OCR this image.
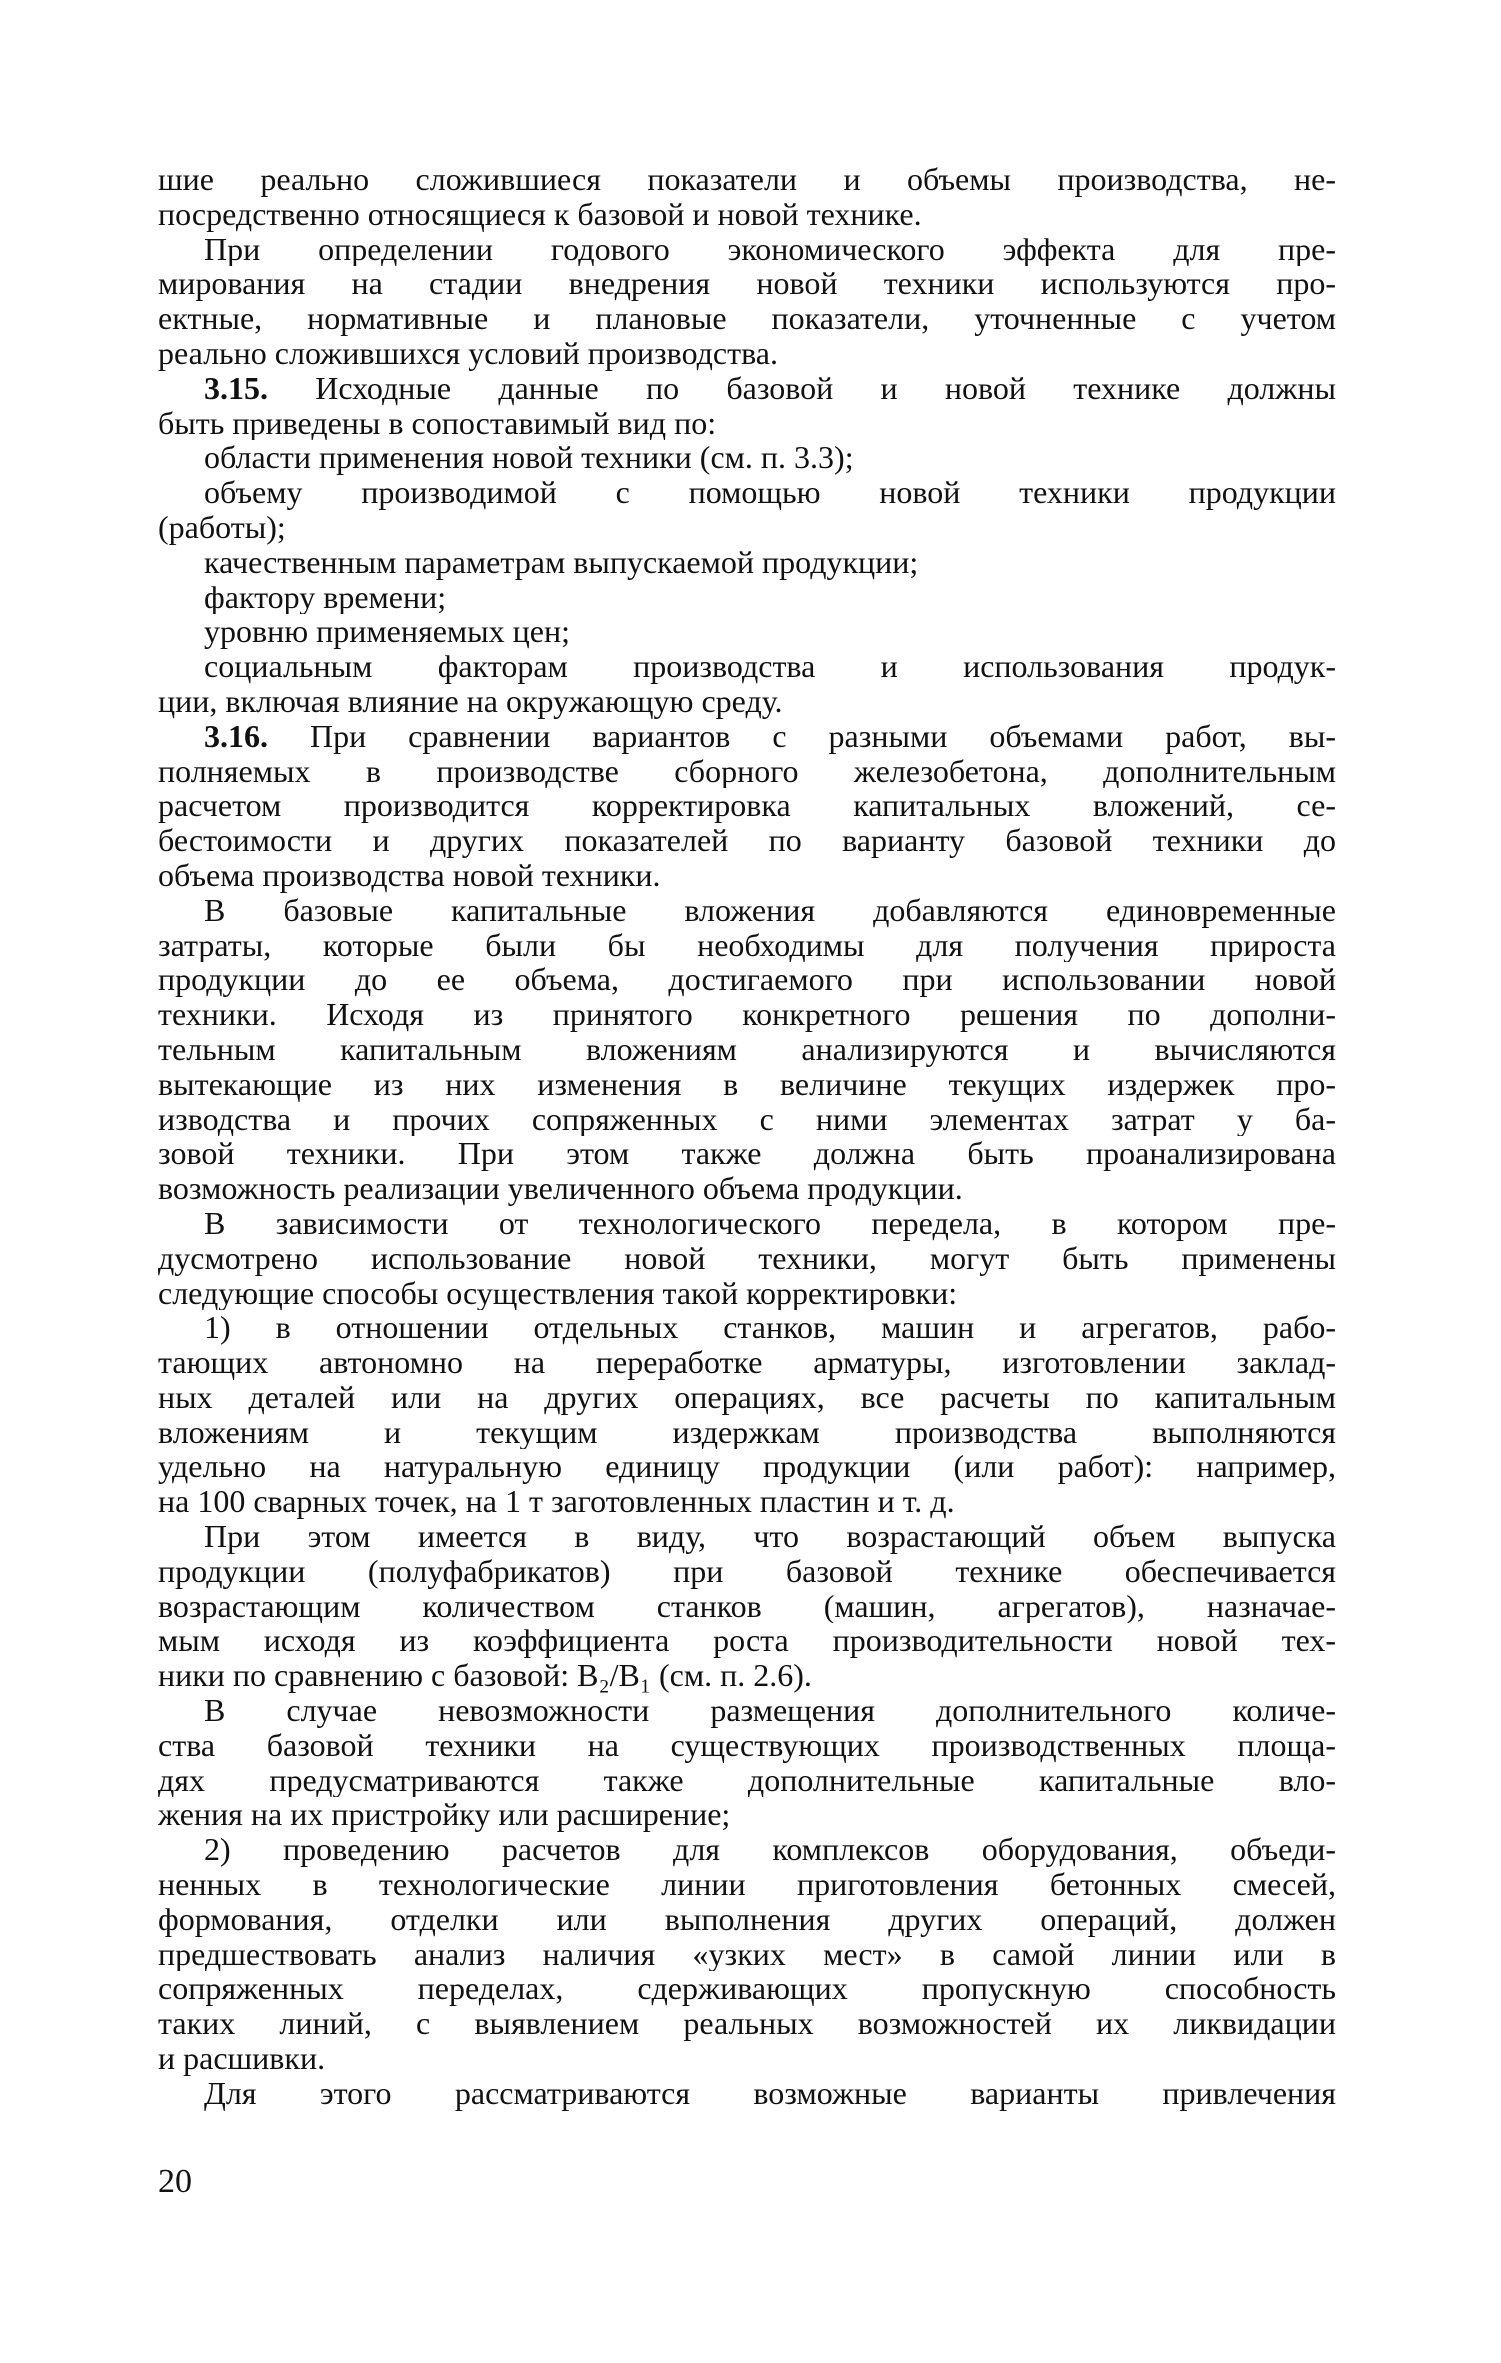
шие реально сложившиеся показатели и объемы производства, не-
посредственно относящиеся к базовой и новой технике.
При определении годового экономического эффекта для пре-
мирования на стадии внедрения новой техники используются про-
ектные, нормативные и плановые показатели, уточненные с учетом
реально сложившихся условий производства.
3.15. Исходные данные по базовой и новой технике должны
быть приведены в сопоставимый вид по:
области применения новой техники (см. п. 3.3);
объему производимой с помощью новой техники продукции
(работы);
качественным параметрам выпускаемой продукции;
фактору времени;
уровню применяемых цен;
социальным факторам производства и использования продук-
ции, включая влияние на окружающую среду.
3.16. При сравнении вариантов с разными объемами работ, вы-
полняемых в производстве сборного железобетона, дополнительным
расчетом производится корректировка капитальных вложений, се-
бестоимости и других показателей по варианту базовой техники до
объема производства новой техники.
В базовые капитальные вложения добавляются единовременные
затраты, которые были бы необходимы для получения прироста
продукции до ее объема, достигаемого при использовании новой
техники. Исходя из принятого конкретного решения по дополни-
тельным капитальным вложениям анализируются и вычисляются
вытекающие из них изменения в величине текущих издержек про-
изводства и прочих сопряженных с ними элементах затрат у ба-
зовой техники. При этом также должна быть проанализирована
возможность реализации увеличенного объема продукции.
В зависимости от технологического передела, в котором пре-
дусмотрено использование новой техники, могут быть применены
следующие способы осуществления такой корректировки:
1) в отношении отдельных станков, машин и агрегатов, рабо-
тающих автономно на переработке арматуры, изготовлении заклад-
ных деталей или на других операциях, все расчеты по капитальным
вложениям и текущим издержкам производства выполняются
удельно на натуральную единицу продукции (или работ): например,
на 100 сварных точек, на 1 т заготовленных пластин и т. д.
При этом имеется в виду, что возрастающий объем выпуска
продукции (полуфабрикатов) при базовой технике обеспечивается
возрастающим количеством станков (машин, агрегатов), назначае-
мым исходя из коэффициента роста производительности новой тех-
ники по сравнению с базовой: B₂/B₁ (см. п. 2.6).
В случае невозможности размещения дополнительного количе-
ства базовой техники на существующих производственных площа-
дях предусматриваются также дополнительные капитальные вло-
жения на их пристройку или расширение;
2) проведению расчетов для комплексов оборудования, объеди-
ненных в технологические линии приготовления бетонных смесей,
формования, отделки или выполнения других операций, должен
предшествовать анализ наличия «узких мест» в самой линии или в
сопряженных переделах, сдерживающих пропускную способность
таких линий, с выявлением реальных возможностей их ликвидации
и расшивки.
Для этого рассматриваются возможные варианты привлечения
20
